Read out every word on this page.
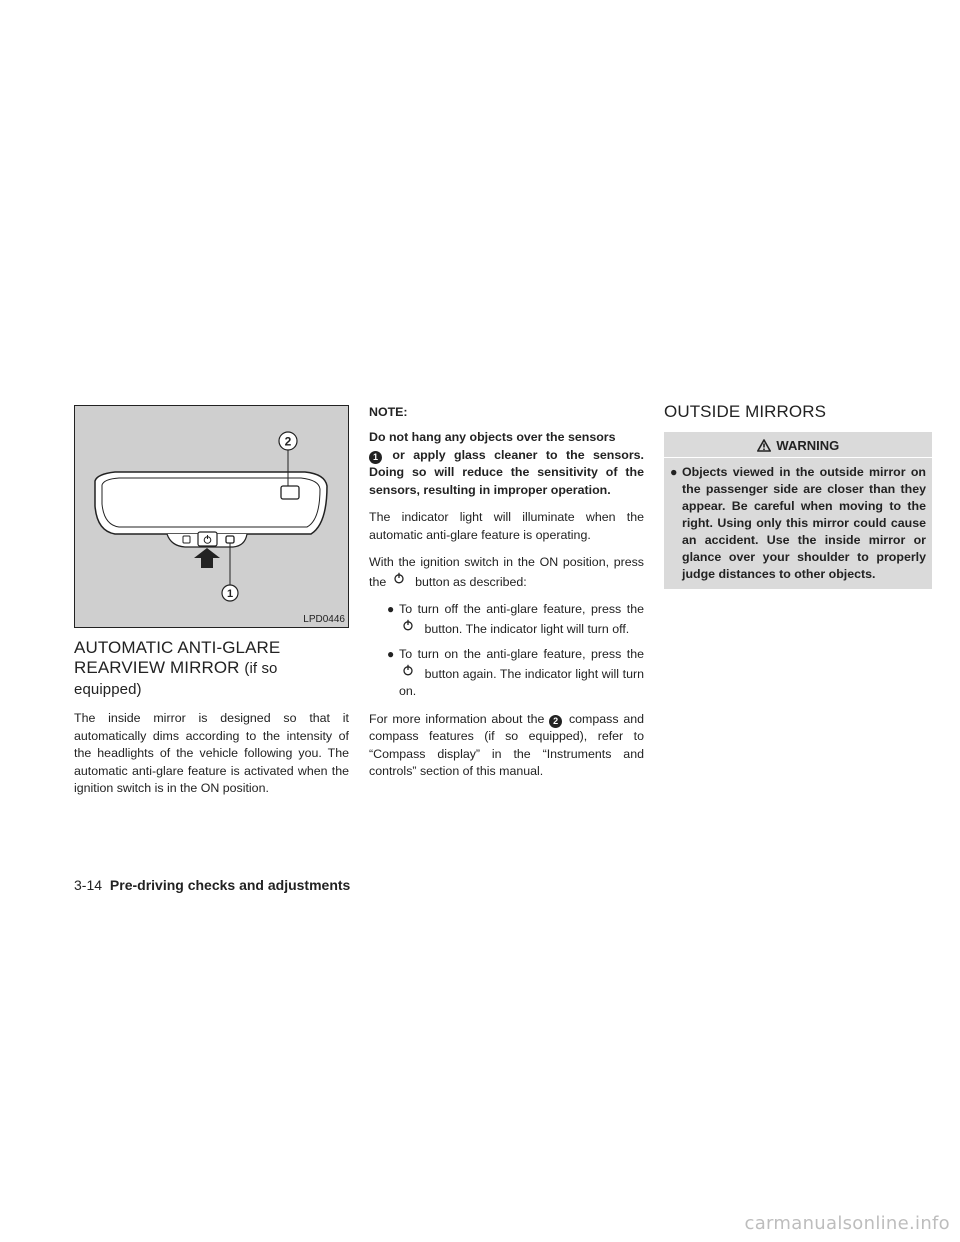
2
1
LPD0446
AUTOMATIC ANTI-GLARE
REARVIEW MIRROR (if so equipped)

The inside mirror is designed so that it automatically dims according to the intensity of the headlights of the vehicle following you. The automatic anti-glare feature is activated when the ignition switch is in the ON position.

NOTE:
Do not hang any objects over the sensors
1 or apply glass cleaner to the sensors. Doing so will reduce the sensitivity of the sensors, resulting in improper operation.

The indicator light will illuminate when the automatic anti-glare feature is operating.

With the ignition switch in the ON position, press the button as described:

● To turn off the anti-glare feature, press the  button. The indicator light will turn off.
● To turn on the anti-glare feature, press the  button again. The indicator light will turn on.

For more information about the 2 compass and compass features (if so equipped), refer to “Compass display” in the “Instruments and controls” section of this manual.

OUTSIDE MIRRORS
WARNING
● Objects viewed in the outside mirror on the passenger side are closer than they appear. Be careful when moving to the right. Using only this mirror could cause an accident. Use the inside mirror or glance over your shoulder to properly judge distances to other objects.
3-14 Pre-driving checks and adjustments
carmanualsonline.info
